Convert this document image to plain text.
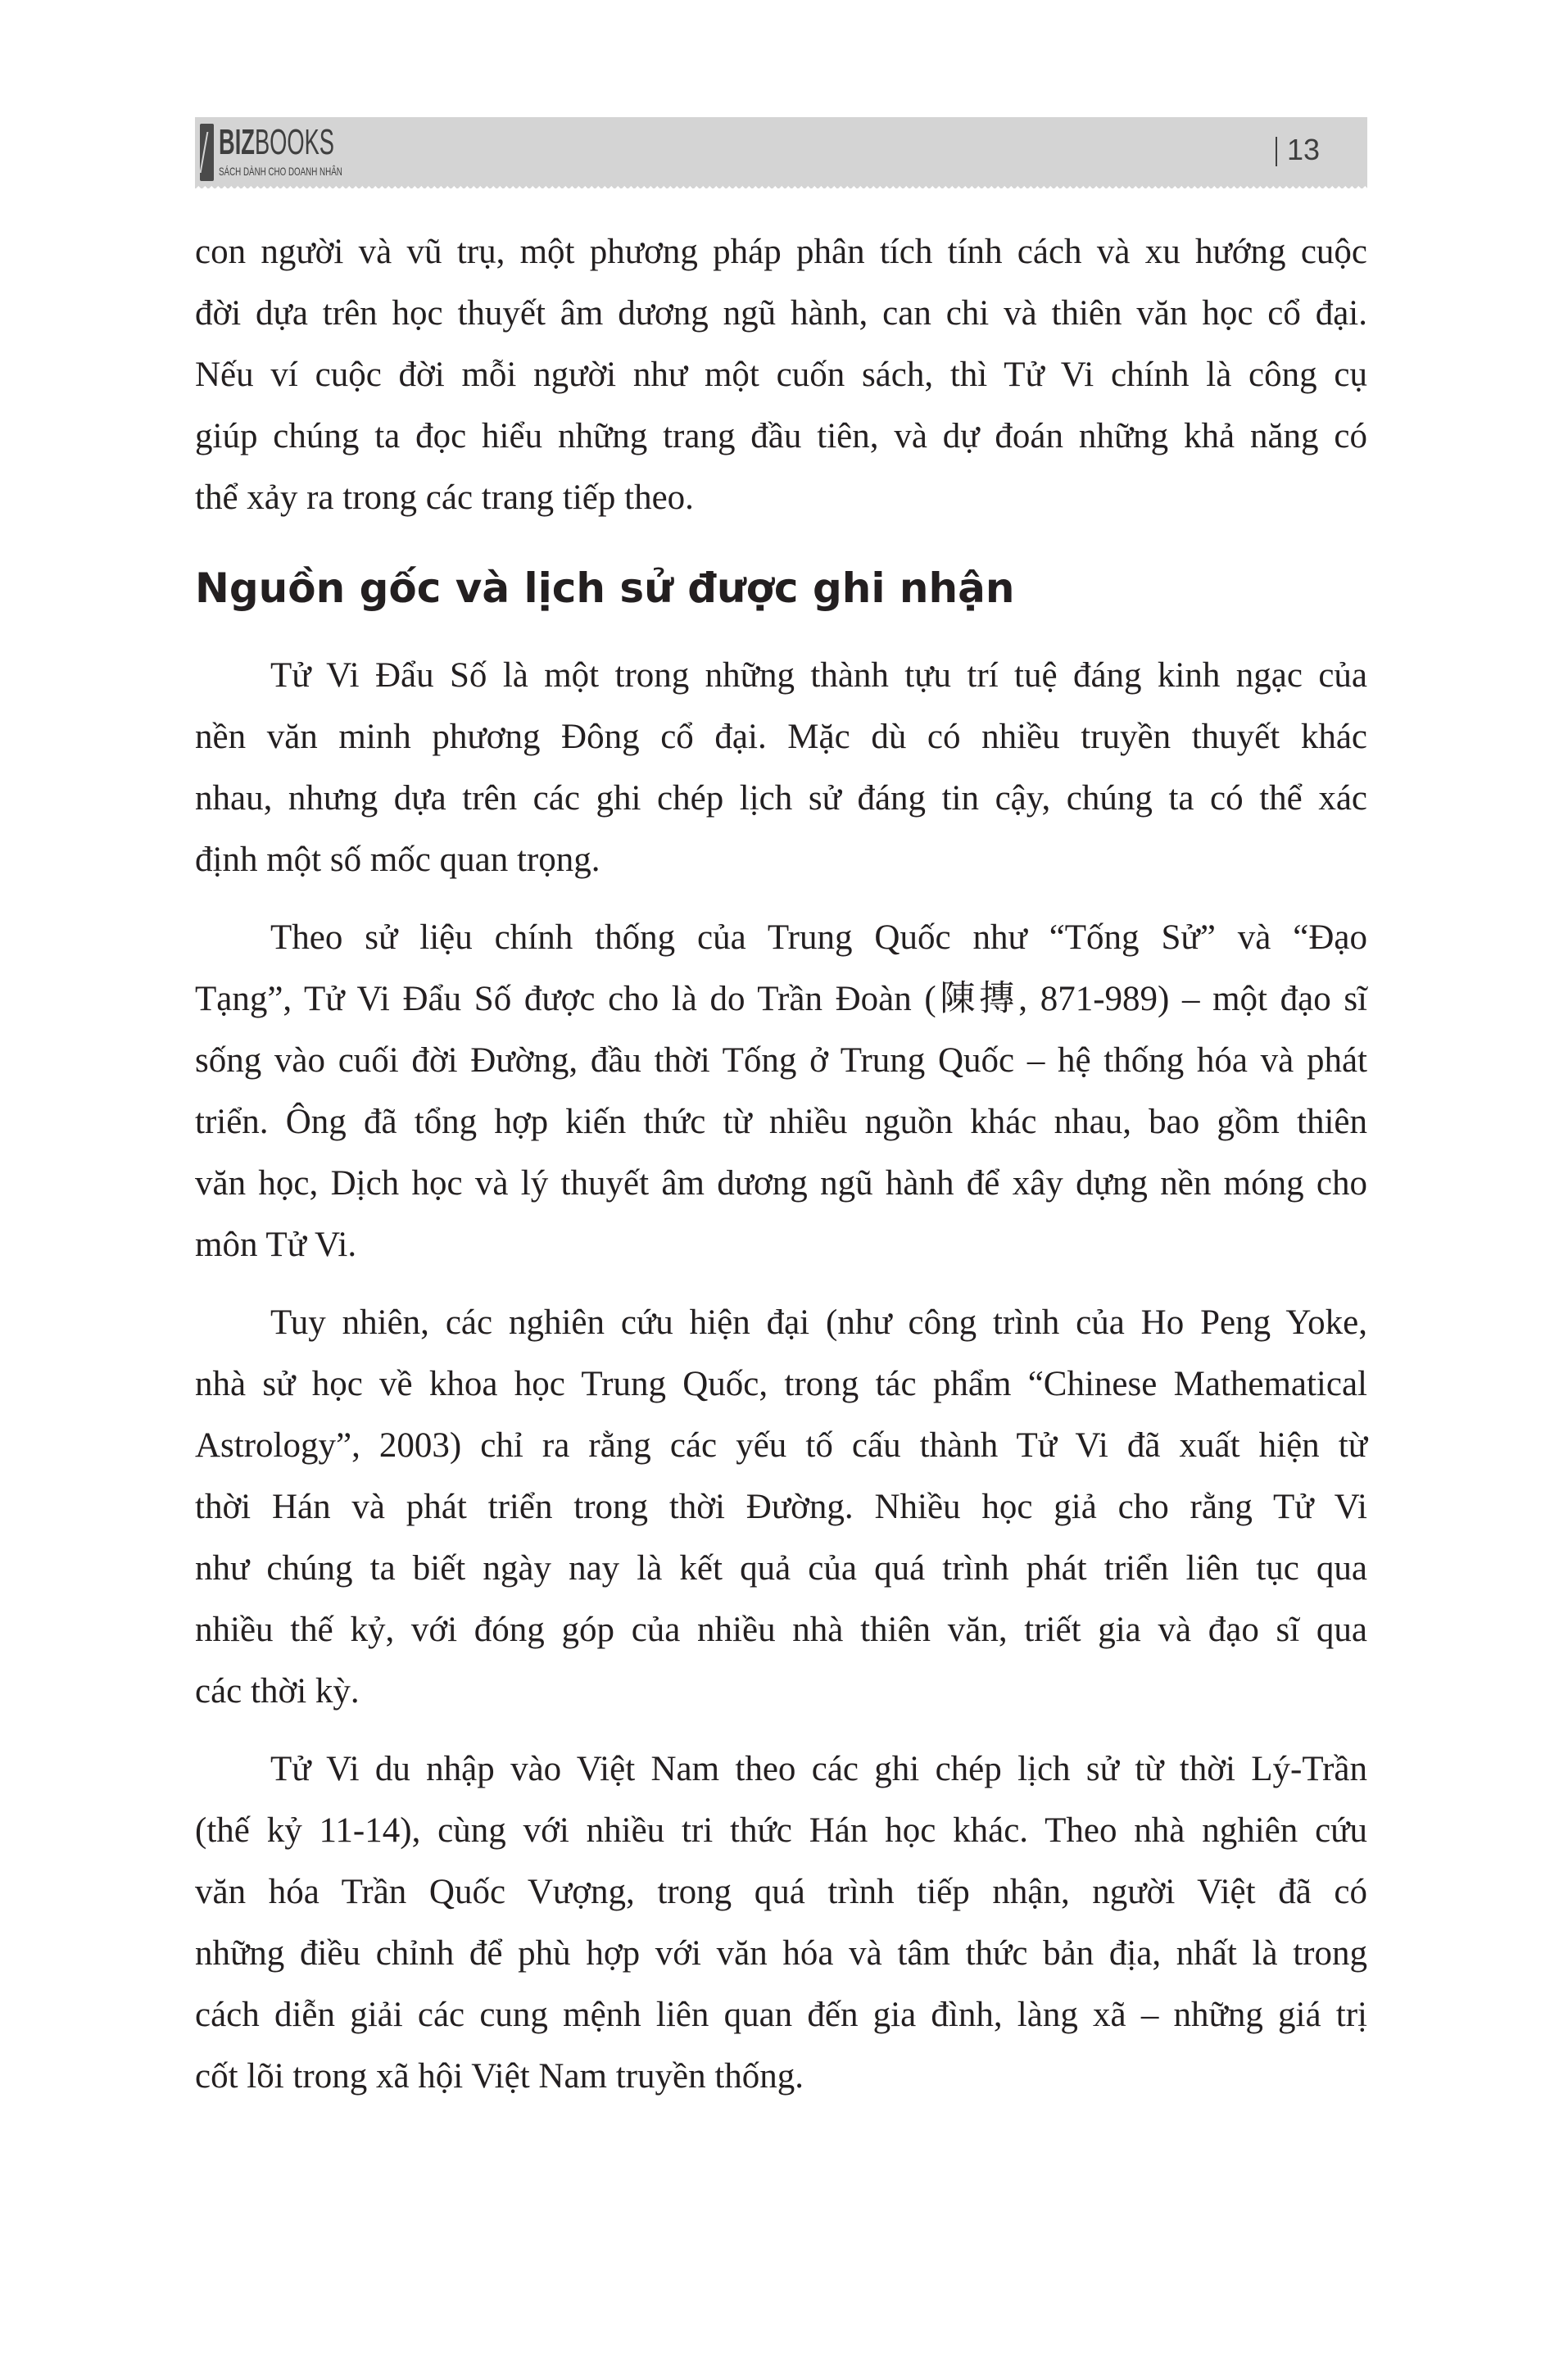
BIZBOOKS
SÁCH DÀNH CHO DOANH NHÂN
13
con người và vũ trụ, một phương pháp phân tích tính cách và xu hướng cuộc
đời dựa trên học thuyết âm dương ngũ hành, can chi và thiên văn học cổ đại.
Nếu ví cuộc đời mỗi người như một cuốn sách, thì Tử Vi chính là công cụ
giúp chúng ta đọc hiểu những trang đầu tiên, và dự đoán những khả năng có
thể xảy ra trong các trang tiếp theo.
Nguồn gốc và lịch sử được ghi nhận
Tử Vi Đẩu Số là một trong những thành tựu trí tuệ đáng kinh ngạc của
nền văn minh phương Đông cổ đại. Mặc dù có nhiều truyền thuyết khác
nhau, nhưng dựa trên các ghi chép lịch sử đáng tin cậy, chúng ta có thể xác
định một số mốc quan trọng.
Theo sử liệu chính thống của Trung Quốc như “Tống Sử” và “Đạo
Tạng”, Tử Vi Đẩu Số được cho là do Trần Đoàn (陳摶, 871-989) – một đạo sĩ
sống vào cuối đời Đường, đầu thời Tống ở Trung Quốc – hệ thống hóa và phát
triển. Ông đã tổng hợp kiến thức từ nhiều nguồn khác nhau, bao gồm thiên
văn học, Dịch học và lý thuyết âm dương ngũ hành để xây dựng nền móng cho
môn Tử Vi.
Tuy nhiên, các nghiên cứu hiện đại (như công trình của Ho Peng Yoke,
nhà sử học về khoa học Trung Quốc, trong tác phẩm “Chinese Mathematical
Astrology”, 2003) chỉ ra rằng các yếu tố cấu thành Tử Vi đã xuất hiện từ
thời Hán và phát triển trong thời Đường. Nhiều học giả cho rằng Tử Vi
như chúng ta biết ngày nay là kết quả của quá trình phát triển liên tục qua
nhiều thế kỷ, với đóng góp của nhiều nhà thiên văn, triết gia và đạo sĩ qua
các thời kỳ.
Tử Vi du nhập vào Việt Nam theo các ghi chép lịch sử từ thời Lý-Trần
(thế kỷ 11-14), cùng với nhiều tri thức Hán học khác. Theo nhà nghiên cứu
văn hóa Trần Quốc Vượng, trong quá trình tiếp nhận, người Việt đã có
những điều chỉnh để phù hợp với văn hóa và tâm thức bản địa, nhất là trong
cách diễn giải các cung mệnh liên quan đến gia đình, làng xã – những giá trị
cốt lõi trong xã hội Việt Nam truyền thống.
